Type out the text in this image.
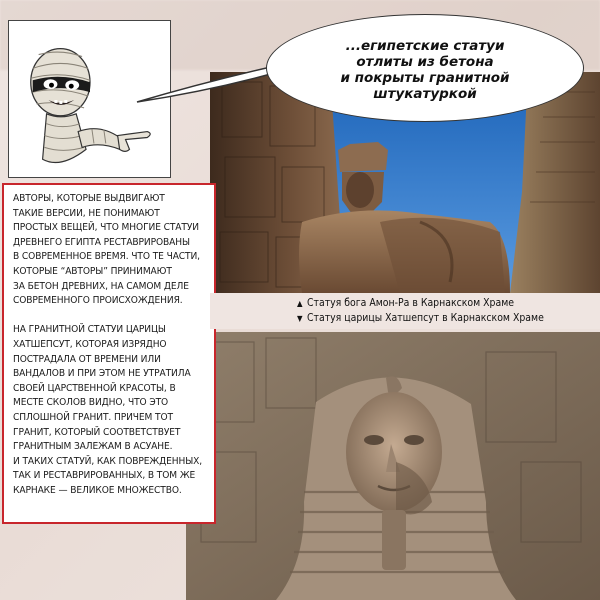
...египетские статуи
отлиты из бетона
и покрыты гранитной
штукатуркой
АВТОРЫ, КОТОРЫЕ ВЫДВИГАЮТ
ТАКИЕ ВЕРСИИ, НЕ ПОНИМАЮТ
ПРОСТЫХ ВЕЩЕЙ, ЧТО МНОГИЕ СТАТУИ
ДРЕВНЕГО ЕГИПТА РЕСТАВРИРОВАНЫ
В СОВРЕМЕННОЕ ВРЕМЯ. ЧТО ТЕ ЧАСТИ,
КОТОРЫЕ “АВТОРЫ” ПРИНИМАЮТ
ЗА БЕТОН ДРЕВНИХ, НА САМОМ ДЕЛЕ
СОВРЕМЕННОГО ПРОИСХОЖДЕНИЯ.
НА ГРАНИТНОЙ СТАТУИ ЦАРИЦЫ
ХАТШЕПСУТ, КОТОРАЯ ИЗРЯДНО
ПОСТРАДАЛА ОТ ВРЕМЕНИ ИЛИ
ВАНДАЛОВ И ПРИ ЭТОМ НЕ УТРАТИЛА
СВОЕЙ ЦАРСТВЕННОЙ КРАСОТЫ, В
МЕСТЕ СКОЛОВ ВИДНО, ЧТО ЭТО
СПЛОШНОЙ ГРАНИТ. ПРИЧЕМ ТОТ
ГРАНИТ, КОТОРЫЙ СООТВЕТСТВУЕТ
ГРАНИТНЫМ ЗАЛЕЖАМ В АСУАНЕ.
И ТАКИХ СТАТУЙ, КАК ПОВРЕЖДЕННЫХ,
ТАК И РЕСТАВРИРОВАННЫХ, В ТОМ ЖЕ
КАРНАКЕ — ВЕЛИКОЕ МНОЖЕСТВО.
▲ Статуя бога Амон-Ра в Карнакском Храме
▼ Статуя царицы Хатшепсут в Карнакском Храме
